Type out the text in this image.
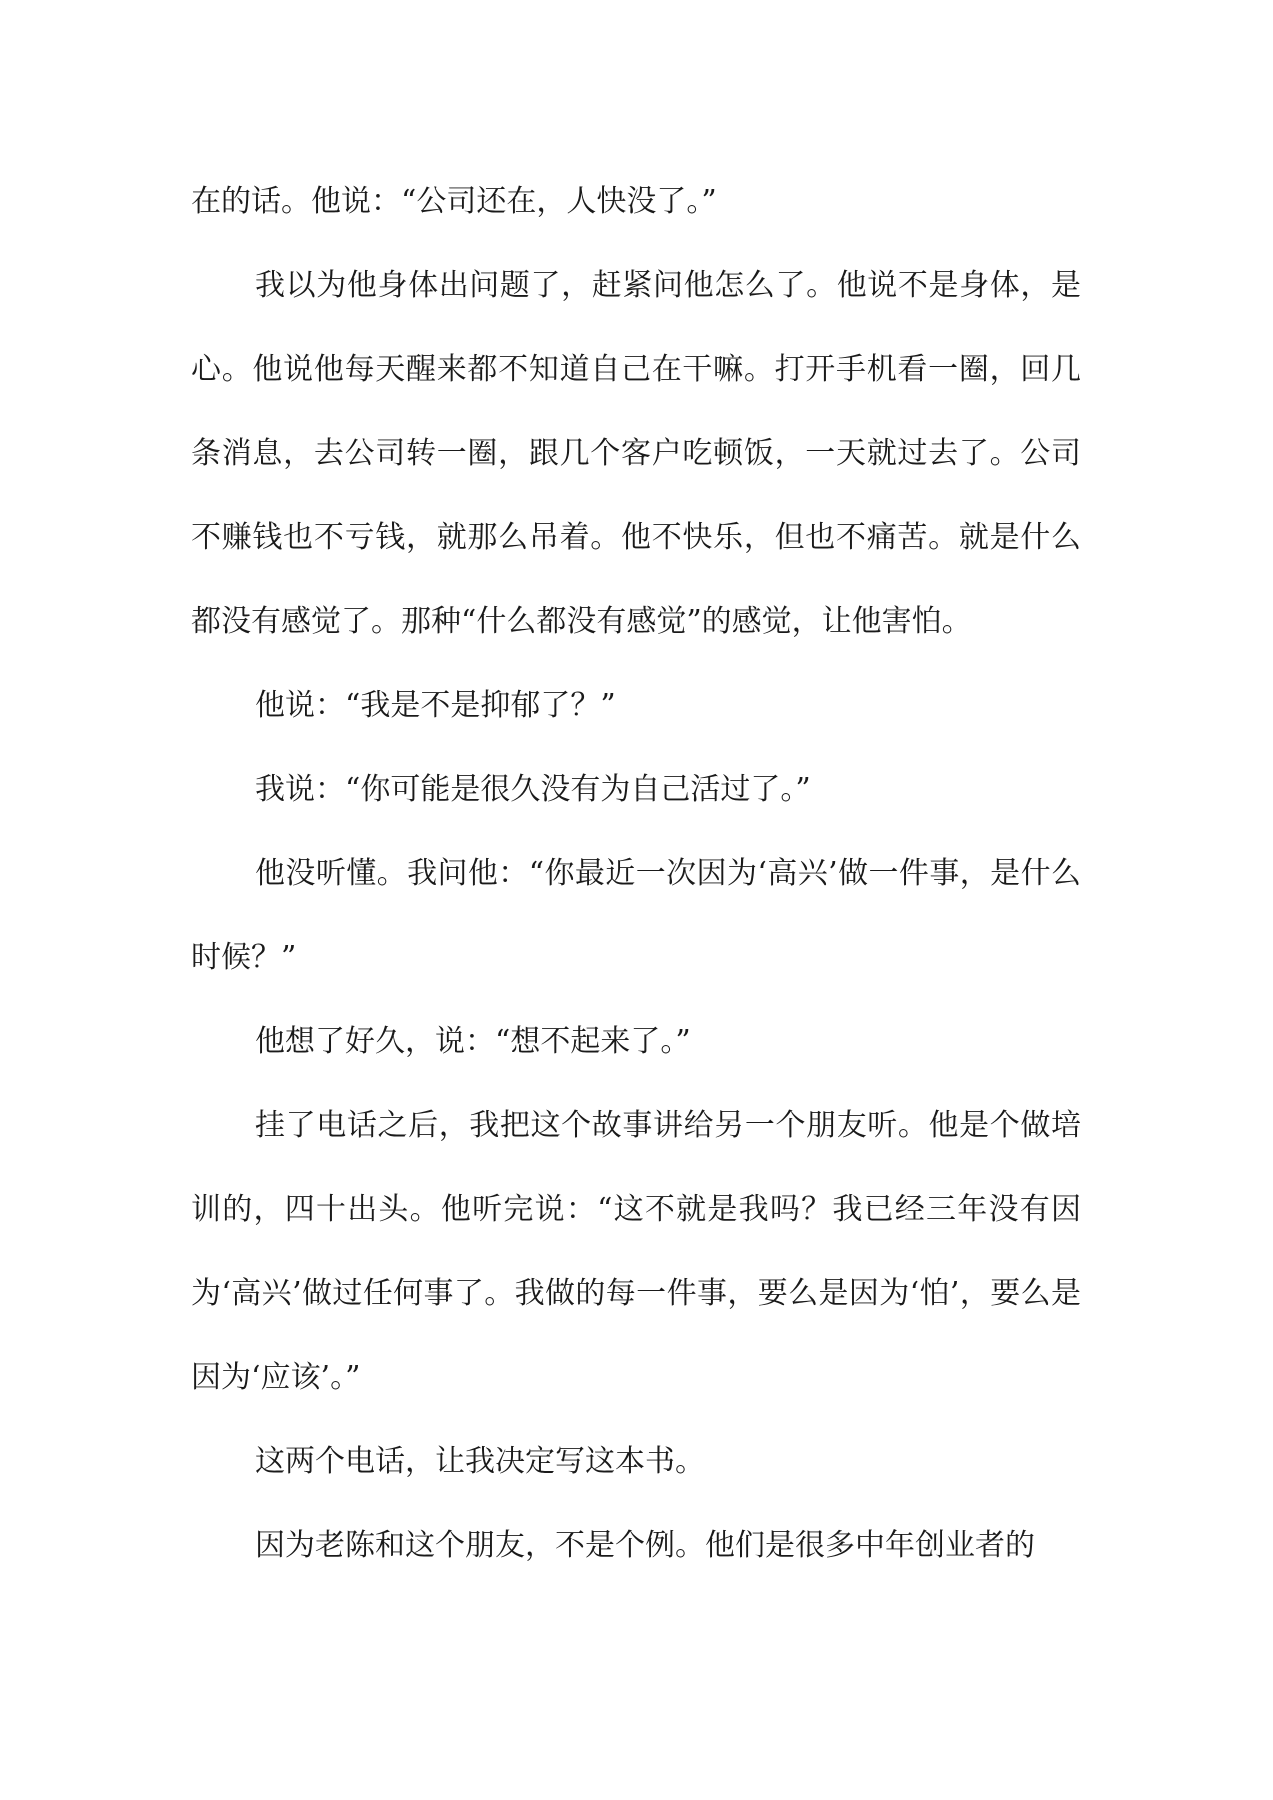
在的话。他说：“公司还在，人快没了。”

我以为他身体出问题了，赶紧问他怎么了。他说不是身体，是心。他说他每天醒来都不知道自己在干嘛。打开手机看一圈，回几条消息，去公司转一圈，跟几个客户吃顿饭，一天就过去了。公司不赚钱也不亏钱，就那么吊着。他不快乐，但也不痛苦。就是什么都没有感觉了。那种“什么都没有感觉”的感觉，让他害怕。

他说：“我是不是抑郁了？”

我说：“你可能是很久没有为自己活过了。”

他没听懂。我问他：“你最近一次因为‘高兴’做一件事，是什么时候？”

他想了好久，说：“想不起来了。”

挂了电话之后，我把这个故事讲给另一个朋友听。他是个做培训的，四十出头。他听完说：“这不就是我吗？我已经三年没有因为‘高兴’做过任何事了。我做的每一件事，要么是因为‘怕’，要么是因为‘应该’。”

这两个电话，让我决定写这本书。

因为老陈和这个朋友，不是个例。他们是很多中年创业者的
